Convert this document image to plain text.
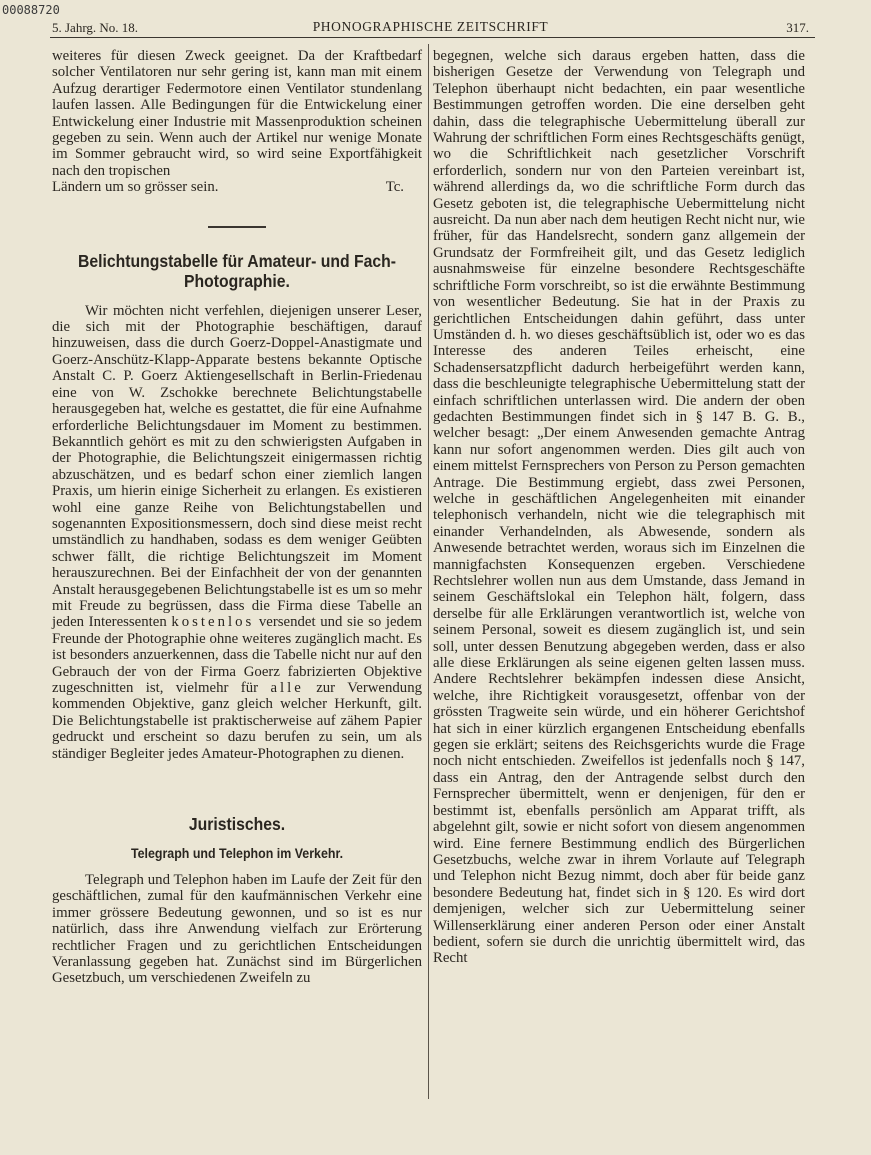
00088720
5. Jahrg. No. 18.	PHONOGRAPHISCHE ZEITSCHRIFT	317.

weiteres für diesen Zweck geeignet. Da der Kraftbedarf solcher Ventilatoren nur sehr gering ist, kann man mit einem Aufzug derartiger Federmotore einen Ventilator stundenlang laufen lassen. Alle Bedingungen für die Entwickelung einer Entwickelung einer Industrie mit Massenproduktion scheinen gegeben zu sein. Wenn auch der Artikel nur wenige Monate im Sommer gebraucht wird, so wird seine Exportfähigkeit nach den tropischen

Ländern um so grösser sein.	Tc.

Belichtungstabelle für Amateur- und Fach-Photographie.

Wir möchten nicht verfehlen, diejenigen unserer Leser, die sich mit der Photographie beschäftigen, darauf hinzuweisen, dass die durch Goerz-Doppel-Anastigmate und Goerz-Anschütz-Klapp-Apparate bestens bekannte Optische Anstalt C. P. Goerz Aktiengesellschaft in Berlin-Friedenau eine von W. Zschokke berechnete Belichtungstabelle herausgegeben hat, welche es gestattet, die für eine Aufnahme erforderliche Belichtungsdauer im Moment zu bestimmen. Bekanntlich gehört es mit zu den schwierigsten Aufgaben in der Photographie, die Belichtungszeit einigermassen richtig abzuschätzen, und es bedarf schon einer ziemlich langen Praxis, um hierin einige Sicherheit zu erlangen. Es existieren wohl eine ganze Reihe von Belichtungstabellen und sogenannten Expositionsmessern, doch sind diese meist recht umständlich zu handhaben, sodass es dem weniger Geübten schwer fällt, die richtige Belichtungszeit im Moment herauszurechnen. Bei der Einfachheit der von der genannten Anstalt herausgegebenen Belichtungstabelle ist es um so mehr mit Freude zu begrüssen, dass die Firma diese Tabelle an jeden Interessenten kostenlos versendet und sie so jedem Freunde der Photographie ohne weiteres zugänglich macht. Es ist besonders anzuerkennen, dass die Tabelle nicht nur auf den Gebrauch der von der Firma Goerz fabrizierten Objektive zugeschnitten ist, vielmehr für alle zur Verwendung kommenden Objektive, ganz gleich welcher Herkunft, gilt. Die Belichtungstabelle ist praktischerweise auf zähem Papier gedruckt und erscheint so dazu berufen zu sein, um als ständiger Begleiter jedes Amateur-Photographen zu dienen.

Juristisches.
Telegraph und Telephon im Verkehr.

Telegraph und Telephon haben im Laufe der Zeit für den geschäftlichen, zumal für den kaufmännischen Verkehr eine immer grössere Bedeutung gewonnen, und so ist es nur natürlich, dass ihre Anwendung vielfach zur Erörterung rechtlicher Fragen und zu gerichtlichen Entscheidungen Veranlassung gegeben hat. Zunächst sind im Bürgerlichen Gesetzbuch, um verschiedenen Zweifeln zu

begegnen, welche sich daraus ergeben hatten, dass die bisherigen Gesetze der Verwendung von Telegraph und Telephon überhaupt nicht bedachten, ein paar wesentliche Bestimmungen getroffen worden. Die eine derselben geht dahin, dass die telegraphische Uebermittelung überall zur Wahrung der schriftlichen Form eines Rechtsgeschäfts genügt, wo die Schriftlichkeit nach gesetzlicher Vorschrift erforderlich, sondern nur von den Parteien vereinbart ist, während allerdings da, wo die schriftliche Form durch das Gesetz geboten ist, die telegraphische Uebermittelung nicht ausreicht. Da nun aber nach dem heutigen Recht nicht nur, wie früher, für das Handelsrecht, sondern ganz allgemein der Grundsatz der Formfreiheit gilt, und das Gesetz lediglich ausnahmsweise für einzelne besondere Rechtsgeschäfte schriftliche Form vorschreibt, so ist die erwähnte Bestimmung von wesentlicher Bedeutung. Sie hat in der Praxis zu gerichtlichen Entscheidungen dahin geführt, dass unter Umständen d. h. wo dieses geschäftsüblich ist, oder wo es das Interesse des anderen Teiles erheischt, eine Schadensersatzpflicht dadurch herbeigeführt werden kann, dass die beschleunigte telegraphische Uebermittelung statt der einfach schriftlichen unterlassen wird. Die andern der oben gedachten Bestimmungen findet sich in § 147 B. G. B., welcher besagt: „Der einem Anwesenden gemachte Antrag kann nur sofort angenommen werden. Dies gilt auch von einem mittelst Fernsprechers von Person zu Person gemachten Antrage. Die Bestimmung ergiebt, dass zwei Personen, welche in geschäftlichen Angelegenheiten mit einander telephonisch verhandeln, nicht wie die telegraphisch mit einander Verhandelnden, als Abwesende, sondern als Anwesende betrachtet werden, woraus sich im Einzelnen die mannigfachsten Konsequenzen ergeben. Verschiedene Rechtslehrer wollen nun aus dem Umstande, dass Jemand in seinem Geschäftslokal ein Telephon hält, folgern, dass derselbe für alle Erklärungen verantwortlich ist, welche von seinem Personal, soweit es diesem zugänglich ist, und sein soll, unter dessen Benutzung abgegeben werden, dass er also alle diese Erklärungen als seine eigenen gelten lassen muss. Andere Rechtslehrer bekämpfen indessen diese Ansicht, welche, ihre Richtigkeit vorausgesetzt, offenbar von der grössten Tragweite sein würde, und ein höherer Gerichtshof hat sich in einer kürzlich ergangenen Entscheidung ebenfalls gegen sie erklärt; seitens des Reichsgerichts wurde die Frage noch nicht entschieden. Zweifellos ist jedenfalls noch § 147, dass ein Antrag, den der Antragende selbst durch den Fernsprecher übermittelt, wenn er denjenigen, für den er bestimmt ist, ebenfalls persönlich am Apparat trifft, als abgelehnt gilt, sowie er nicht sofort von diesem angenommen wird. Eine fernere Bestimmung endlich des Bürgerlichen Gesetzbuchs, welche zwar in ihrem Vorlaute auf Telegraph und Telephon nicht Bezug nimmt, doch aber für beide ganz besondere Bedeutung hat, findet sich in § 120. Es wird dort demjenigen, welcher sich zur Uebermittelung seiner Willenserklärung einer anderen Person oder einer Anstalt bedient, sofern sie durch die unrichtig übermittelt wird, das Recht
